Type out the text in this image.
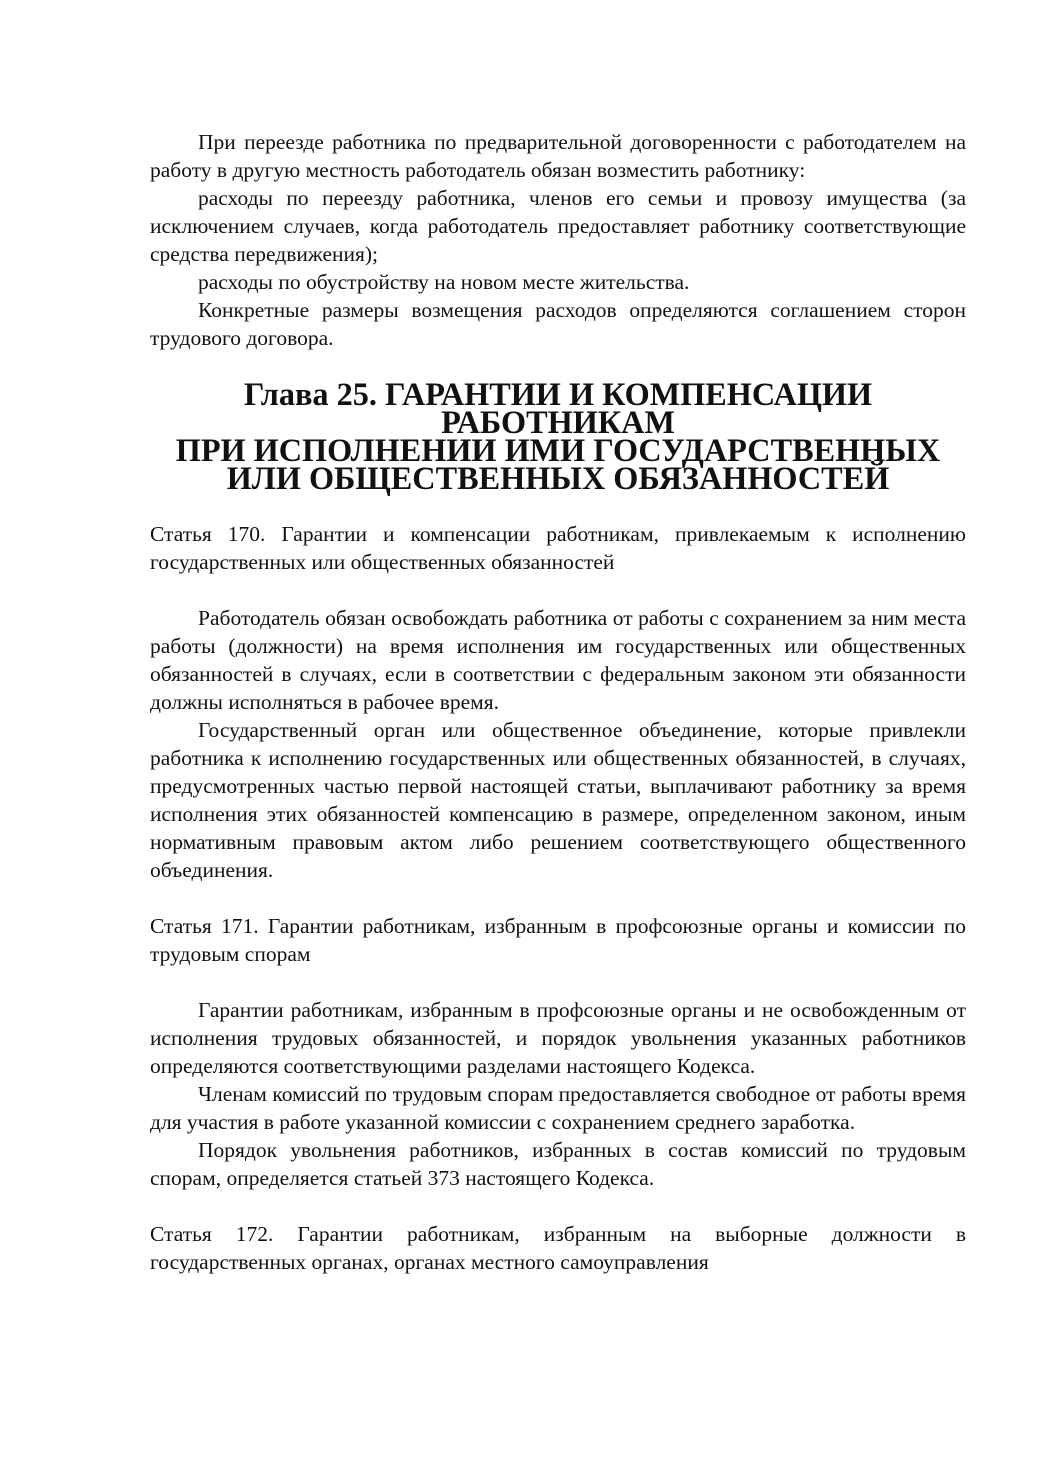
При переезде работника по предварительной договоренности с работодателем на работу в другую местность работодатель обязан возместить работнику:

расходы по переезду работника, членов его семьи и провозу имущества (за исключением случаев, когда работодатель предоставляет работнику соответствующие средства передвижения);

расходы по обустройству на новом месте жительства.

Конкретные размеры возмещения расходов определяются соглашением сторон трудового договора.

Глава 25. ГАРАНТИИ И КОМПЕНСАЦИИ РАБОТНИКАМ
ПРИ ИСПОЛНЕНИИ ИМИ ГОСУДАРСТВЕННЫХ
ИЛИ ОБЩЕСТВЕННЫХ ОБЯЗАННОСТЕЙ

Статья 170. Гарантии и компенсации работникам, привлекаемым к исполнению государственных или общественных обязанностей

Работодатель обязан освобождать работника от работы с сохранением за ним места работы (должности) на время исполнения им государственных или общественных обязанностей в случаях, если в соответствии с федеральным законом эти обязанности должны исполняться в рабочее время.

Государственный орган или общественное объединение, которые привлекли работника к исполнению государственных или общественных обязанностей, в случаях, предусмотренных частью первой настоящей статьи, выплачивают работнику за время исполнения этих обязанностей компенсацию в размере, определенном законом, иным нормативным правовым актом либо решением соответствующего общественного объединения.

Статья 171. Гарантии работникам, избранным в профсоюзные органы и комиссии по трудовым спорам

Гарантии работникам, избранным в профсоюзные органы и не освобожденным от исполнения трудовых обязанностей, и порядок увольнения указанных работников определяются соответствующими разделами настоящего Кодекса.

Членам комиссий по трудовым спорам предоставляется свободное от работы время для участия в работе указанной комиссии с сохранением среднего заработка.

Порядок увольнения работников, избранных в состав комиссий по трудовым спорам, определяется статьей 373 настоящего Кодекса.

Статья 172. Гарантии работникам, избранным на выборные должности в государственных органах, органах местного самоуправления
